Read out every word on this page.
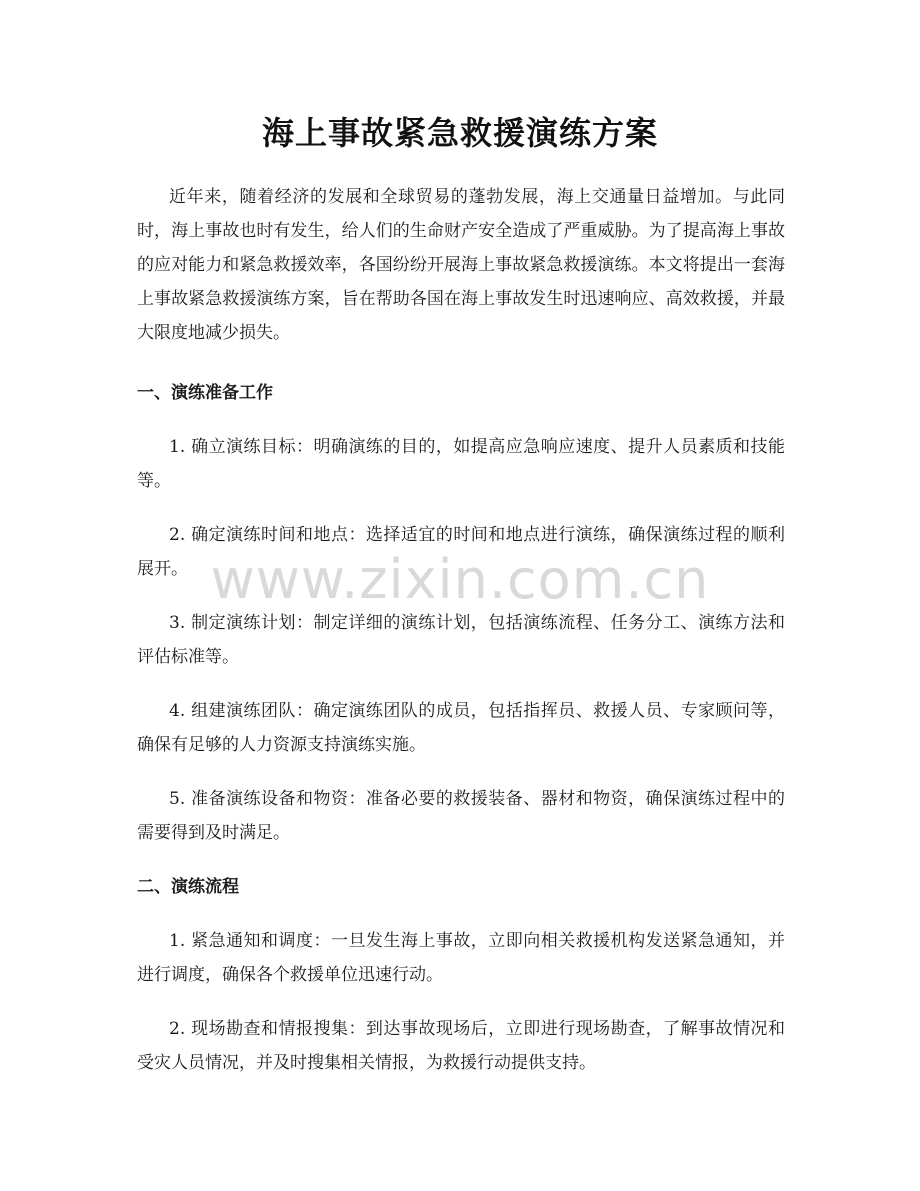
海上事故紧急救援演练方案

近年来，随着经济的发展和全球贸易的蓬勃发展，海上交通量日益增加。与此同时，海上事故也时有发生，给人们的生命财产安全造成了严重威胁。为了提高海上事故的应对能力和紧急救援效率，各国纷纷开展海上事故紧急救援演练。本文将提出一套海上事故紧急救援演练方案，旨在帮助各国在海上事故发生时迅速响应、高效救援，并最大限度地减少损失。

一、演练准备工作

1. 确立演练目标：明确演练的目的，如提高应急响应速度、提升人员素质和技能等。

2. 确定演练时间和地点：选择适宜的时间和地点进行演练，确保演练过程的顺利展开。

3. 制定演练计划：制定详细的演练计划，包括演练流程、任务分工、演练方法和评估标准等。

4. 组建演练团队：确定演练团队的成员，包括指挥员、救援人员、专家顾问等，确保有足够的人力资源支持演练实施。

5. 准备演练设备和物资：准备必要的救援装备、器材和物资，确保演练过程中的需要得到及时满足。

二、演练流程

1. 紧急通知和调度：一旦发生海上事故，立即向相关救援机构发送紧急通知，并进行调度，确保各个救援单位迅速行动。

2. 现场勘查和情报搜集：到达事故现场后，立即进行现场勘查，了解事故情况和受灾人员情况，并及时搜集相关情报，为救援行动提供支持。

www.zixin.com.cn
